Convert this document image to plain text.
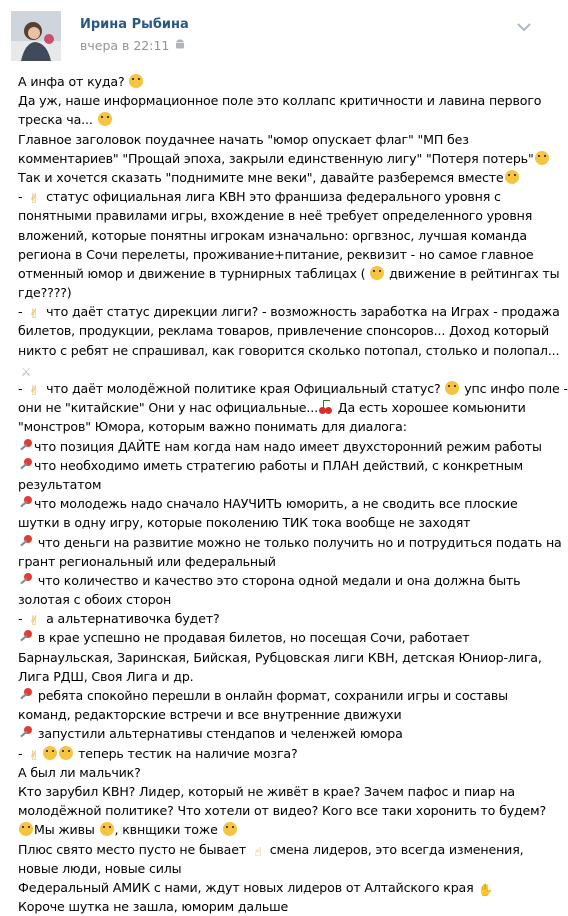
Ирина Рыбина
вчера в 22:11
А инфа от куда?
Да уж, наше информационное поле это коллапс критичности и лавина первого
треска ча...
Главное заголовок поудачнее начать "юмор опускает флаг" "МП без
комментариев" "Прощай эпоха, закрыли единственную лигу" "Потеря потерь"
Так и хочется сказать "поднимите мне веки", давайте разберемся вместе
- ✌ статус официальная лига КВН это франшиза федерального уровня с
понятными правилами игры, вхождение в неё требует определенного уровня
вложений, которые понятны игрокам изначально: оргвзнос, лучшая команда
региона в Сочи перелеты, проживание+питание, реквизит - но самое главное
отменный юмор и движение в турнирных таблицах (  движение в рейтингах ты
где????)
- ✌ что даёт статус дирекции лиги? - возможность заработка на Играх - продажа
билетов, продукции, реклама товаров, привлечение спонсоров... Доход который
никто с ребят не спрашивал, как говорится сколько потопал, столько и полопал...
⚔
- ✌ что даёт молодёжной политике края Официальный статус?  упс инфо поле -
они не "китайские" Они у нас официальные...
Да есть хорошее комьюнити
"монстров" Юмора, которым важно понимать для диалога:
что позиция ДАЙТЕ нам когда нам надо имеет двухсторонний режим работы
что необходимо иметь стратегию работы и ПЛАН действий, с конкретным
результатом
что молодежь надо сначало НАУЧИТЬ юморить, а не сводить все плоские
шутки в одну игру, которые поколению ТИК тока вообще не заходят
что деньги на развитие можно не только получить но и потрудиться подать на
грант региональный или федеральный
что количество и качество это сторона одной медали и она должна быть
золотая с обоих сторон
- ✌ а альтернативочка будет?
в крае успешно не продавая билетов, но посещая Сочи, работает
Барнаульская, Заринская, Бийская, Рубцовская лиги КВН, детская Юниор-лига,
Лига РДШ, Своя Лига и др.
ребята спокойно перешли в онлайн формат, сохранили игры и составы
команд, редакторские встречи и все внутренние движухи
запустили альтернативы стендапов и челенжей юмора
- ✌	теперь тестик на наличие мозга?
А был ли мальчик?
Кто зарубил КВН? Лидер, который не живёт в крае? Зачем пафос и пиар на
молодёжной политике? Что хотели от видео? Кого все таки хоронить то будем?
Мы живы , квнщики тоже
Плюс свято место пусто не бывает ☝ смена лидеров, это всегда изменения,
новые люди, новые силы
Федеральный АМИК с нами, ждут новых лидеров от Алтайского края ✋
Короче шутка не зашла, юморим дальше
